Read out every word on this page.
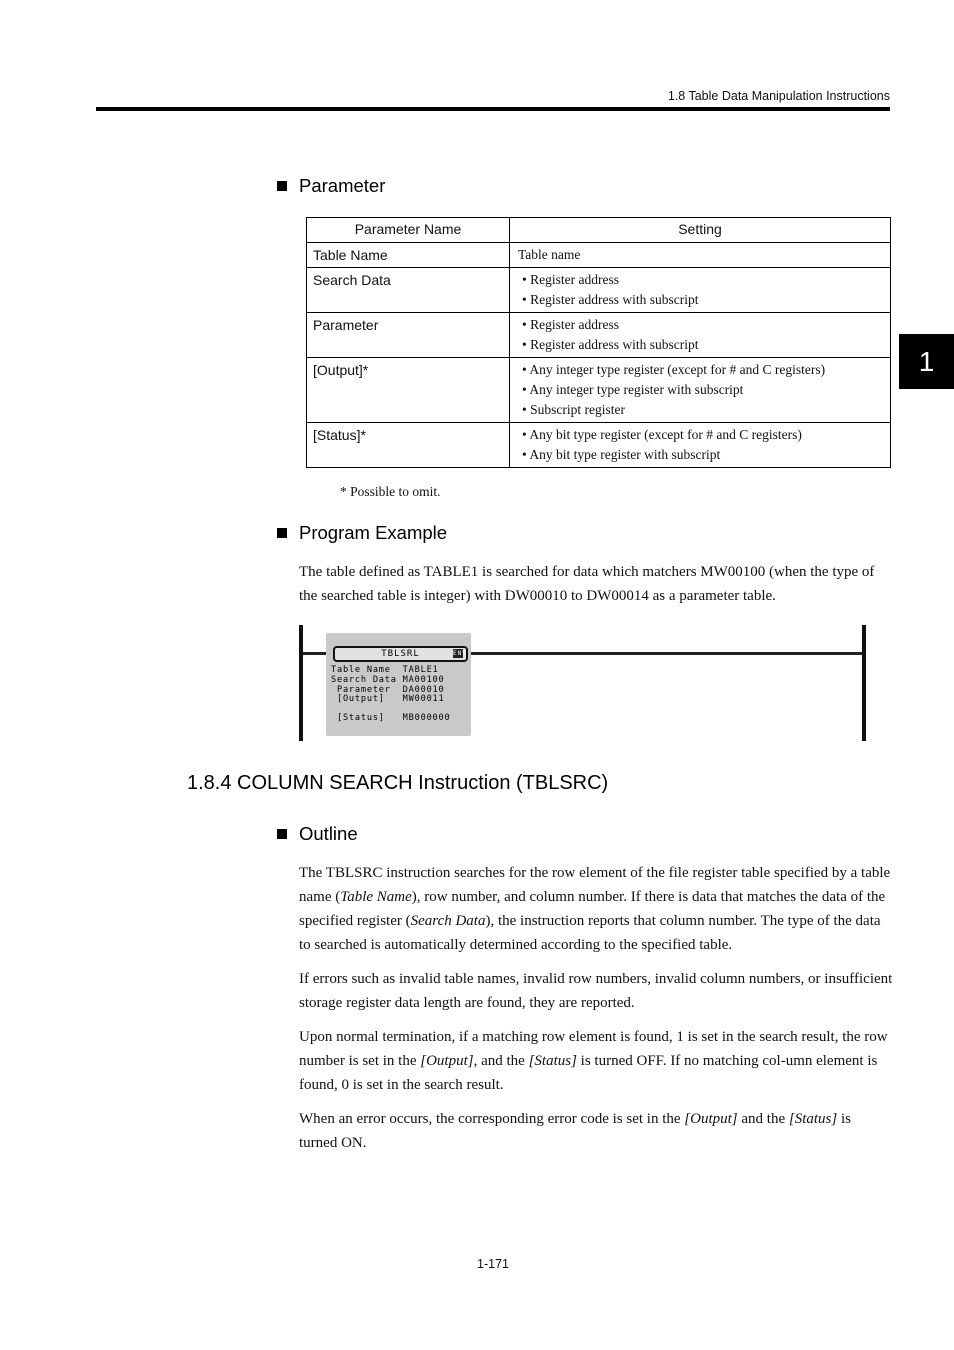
1.8 Table Data Manipulation Instructions
1
Parameter
Parameter Name	Setting
Table Name	Table name
Search Data	• Register address
• Register address with subscript

Parameter	• Register address
• Register address with subscript

[Output]*	• Any integer type register (except for # and C registers)
• Any integer type register with subscript
• Subscript register

[Status]*	• Any bit type register (except for # and C registers)
• Any bit type register with subscript
* Possible to omit.
Program Example

The table defined as TABLE1 is searched for data which matchers MW00100 (when the type of the searched table is integer) with DW00010 to DW00014 as a parameter table.

TBLSRL	ENV
Table Name  TABLE1
Search Data MA00100
Parameter  DA00010
[Output]   MW00011
[Status]   MB000000
1.8.4 COLUMN SEARCH Instruction (TBLSRC)
Outline

The TBLSRC instruction searches for the row element of the file register table specified by a table name (Table Name), row number, and column number. If there is data that matches the data of the specified register (Search Data), the instruction reports that column number. The type of the data to searched is automatically determined according to the specified table.

If errors such as invalid table names, invalid row numbers, invalid column numbers, or insufficient storage register data length are found, they are reported.

Upon normal termination, if a matching row element is found, 1 is set in the search result, the row number is set in the [Output], and the [Status] is turned OFF. If no matching col-umn element is found, 0 is set in the search result.

When an error occurs, the corresponding error code is set in the [Output] and the [Status] is turned ON.

1-171
